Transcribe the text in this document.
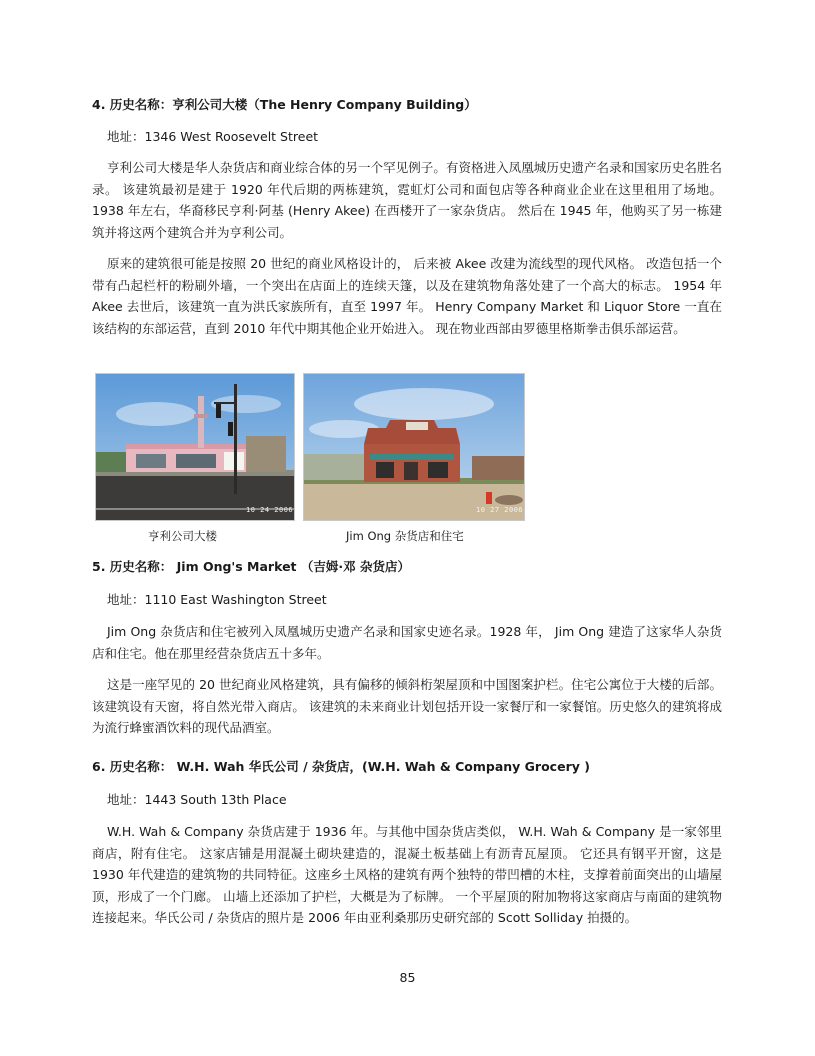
4. 历史名称：亨利公司大楼（The Henry Company Building）
地址：1346 West Roosevelt Street

亨利公司大楼是华人杂货店和商业综合体的另一个罕见例子。有资格进入凤凰城历史遗产名录和国家历史名胜名录。 该建筑最初是建于 1920 年代后期的两栋建筑，霓虹灯公司和面包店等各种商业企业在这里租用了场地。 1938 年左右，华裔移民亨利·阿基 (Henry Akee) 在西楼开了一家杂货店。 然后在 1945 年，他购买了另一栋建筑并将这两个建筑合并为亨利公司。

原来的建筑很可能是按照 20 世纪的商业风格设计的， 后来被 Akee 改建为流线型的现代风格。 改造包括一个带有凸起栏杆的粉刷外墙，一个突出在店面上的连续天篷，以及在建筑物角落处建了一个高大的标志。 1954 年 Akee 去世后，该建筑一直为洪氏家族所有，直至 1997 年。 Henry Company Market 和 Liquor Store 一直在该结构的东部运营，直到 2010 年代中期其他企业开始进入。 现在物业西部由罗德里格斯拳击俱乐部运营。

10 24 2006	10 27 2006
亨利公司大楼	Jim Ong 杂货店和住宅
5. 历史名称： Jim Ong's Market （吉姆·邓 杂货店）
地址：1110 East Washington Street

Jim Ong 杂货店和住宅被列入凤凰城历史遗产名录和国家史迹名录。1928 年， Jim Ong 建造了这家华人杂货店和住宅。他在那里经营杂货店五十多年。

这是一座罕见的 20 世纪商业风格建筑，具有偏移的倾斜桁架屋顶和中国图案护栏。住宅公寓位于大楼的后部。 该建筑设有天窗，将自然光带入商店。 该建筑的未来商业计划包括开设一家餐厅和一家餐馆。历史悠久的建筑将成为流行蜂蜜酒饮料的现代品酒室。

6. 历史名称： W.H. Wah 华氏公司 / 杂货店，(W.H. Wah & Company Grocery )
地址：1443 South 13th Place

W.H. Wah & Company 杂货店建于 1936 年。与其他中国杂货店类似， W.H. Wah & Company 是一家邻里商店，附有住宅。 这家店铺是用混凝土砌块建造的，混凝土板基础上有沥青瓦屋顶。 它还具有钢平开窗，这是 1930 年代建造的建筑物的共同特征。这座乡土风格的建筑有两个独特的带凹槽的木柱，支撑着前面突出的山墙屋顶，形成了一个门廊。 山墙上还添加了护栏，大概是为了标牌。 一个平屋顶的附加物将这家商店与南面的建筑物连接起来。华氏公司 / 杂货店的照片是 2006 年由亚利桑那历史研究部的 Scott Solliday 拍摄的。

85
